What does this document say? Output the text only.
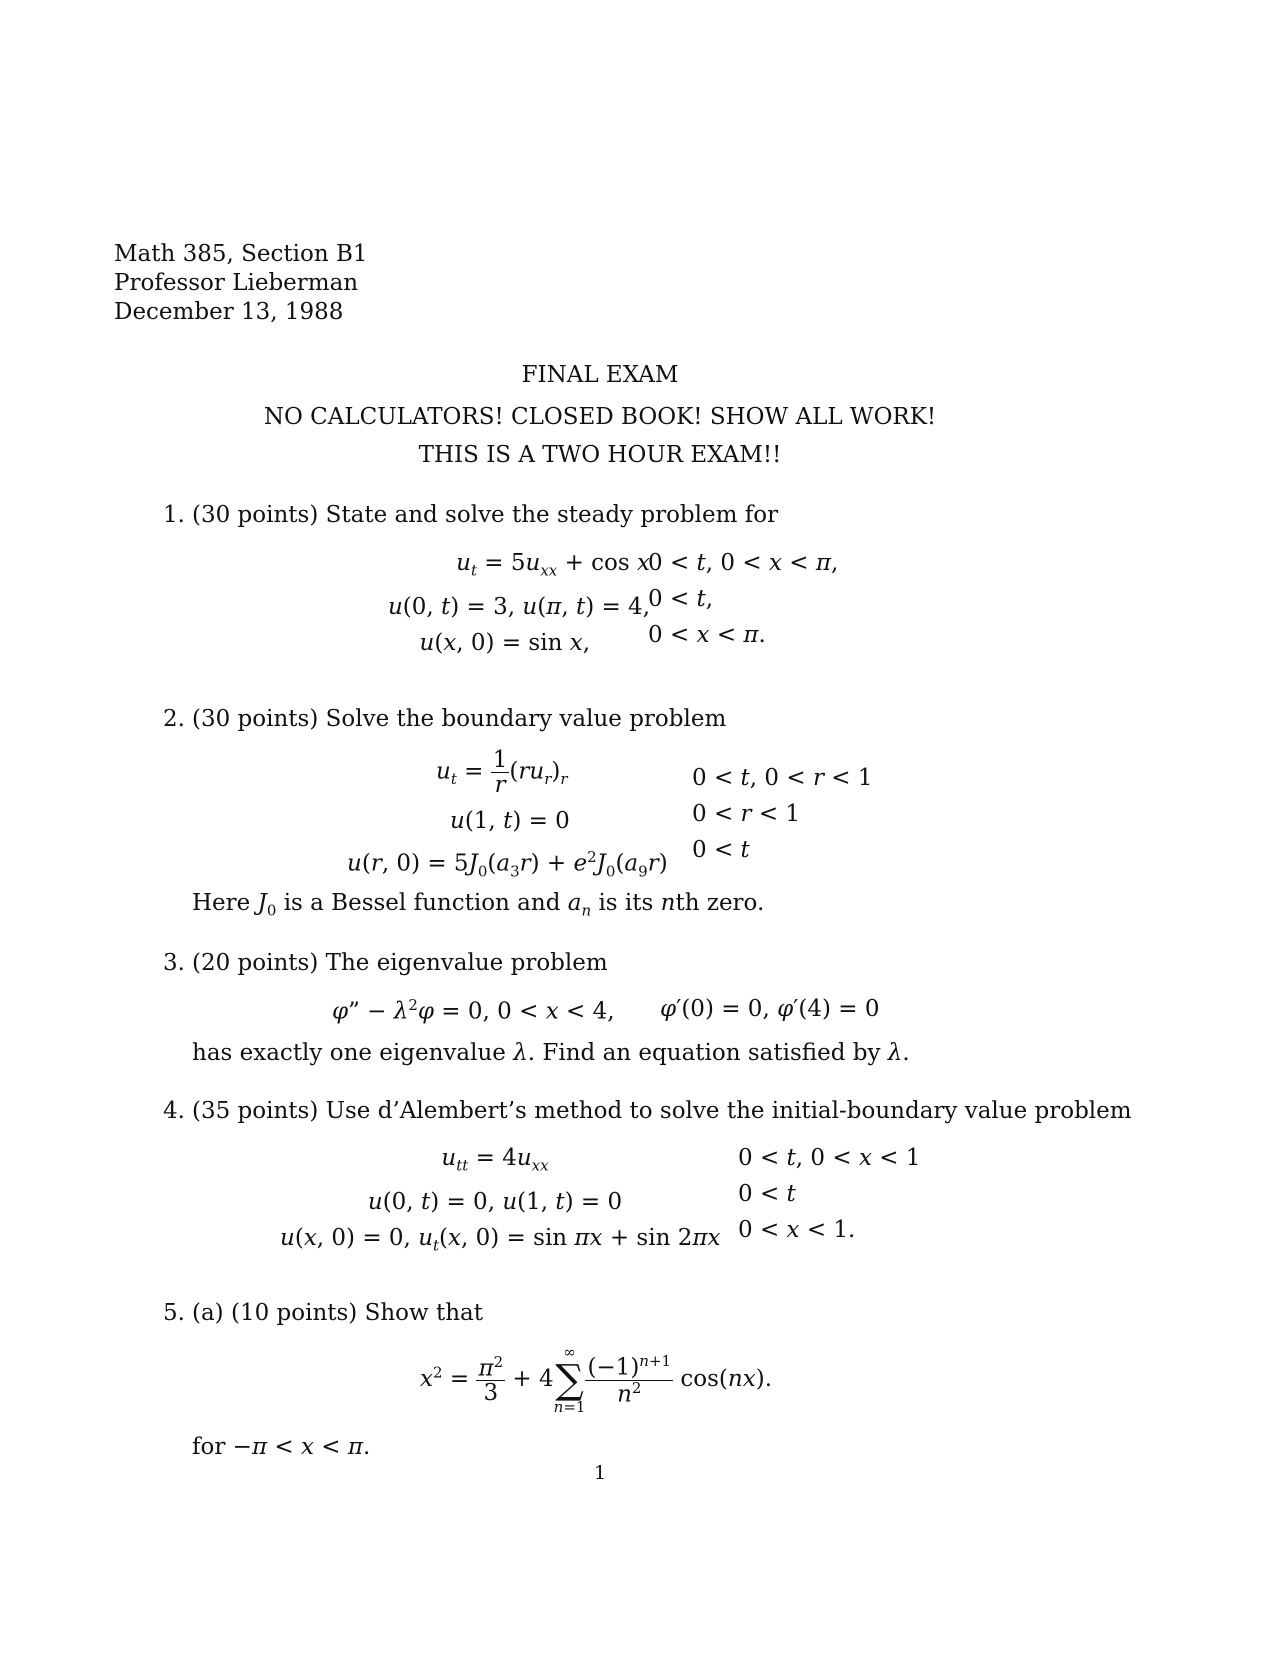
Math 385, Section B1
Professor Lieberman
December 13, 1988
FINAL EXAM
NO CALCULATORS! CLOSED BOOK! SHOW ALL WORK!
THIS IS A TWO HOUR EXAM!!
1. (30 points) State and solve the steady problem for
$u_t = 5u_{xx} + \cos x$
u(0, t) = 3, u(π, t) = 4,
u(x, 0) = sin x,
0 < t, 0 < x < π,
0 < t,
0 < x < π.
2. (30 points) Solve the boundary value problem
$u_t = \frac{1}{r} (ru_r)_r$
u(1, t) = 0
u(r, $0) = 5J_0(a_3r) + e^2J_0(a_9r)$
0 < t, 0 < r < 1
0 < r < 1
0 < t
Here $J_0$ is a Bessel function and $a_n$ is its nth zero.
3. (20 points) The eigenvalue problem
φ” − $\lambda^2\varphi = 0$, 0 < x < 4, φ′(0) = 0, φ′(4) = 0
has exactly one eigenvalue λ. Find an equation satisfied by λ.
4. (35 points) Use d’Alembert’s method to solve the initial-boundary value problem
$u_{tt} = 4u_{xx}$
u(0, t) = 0, u(1, t) = 0
u(x, 0) = 0, $u_t(x$, 0) = sin πx + sin 2πx
0 < t, 0 < x < 1
0 < t
0 < x < 1.
5. (a) (10 points) Show that
$x^2 = \frac{\pi^2}{3} + 4$
∞
∑
n=1
$\frac{(-1)^{n+1}}{n^2} \cos(nx)$.
for −π < x < π.
1
